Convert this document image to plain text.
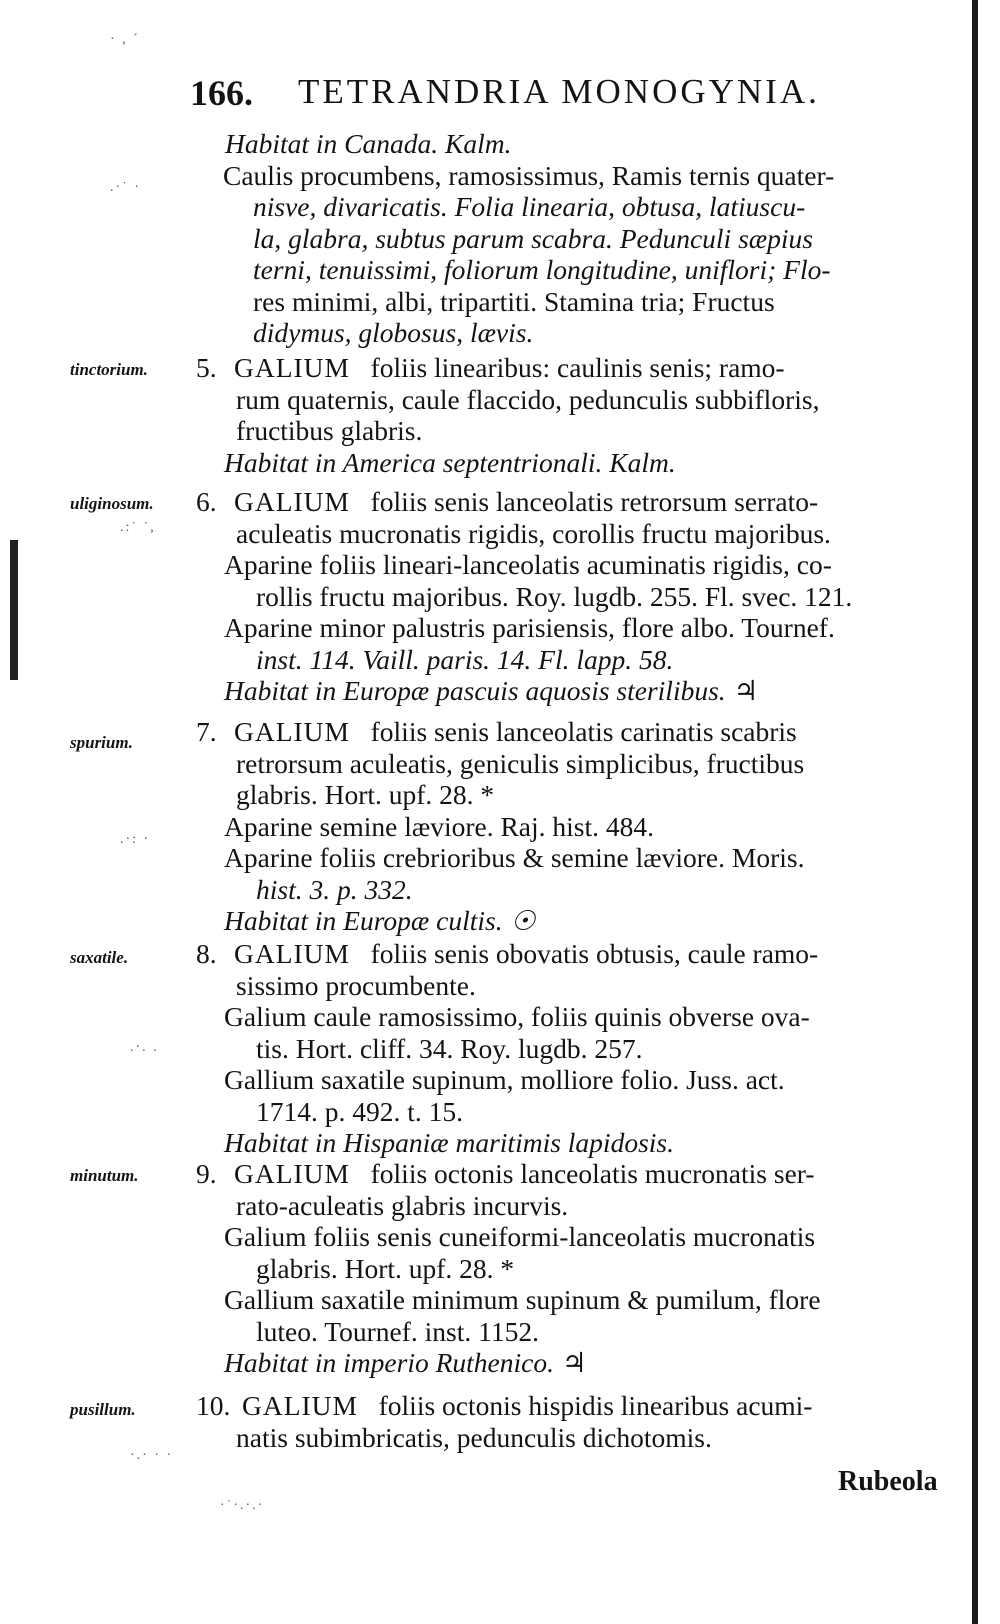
· , ´
.·˙ ·
.:˙ ˙,
.·: ·
.·. .
·.· · ·
·˙·.·.·
166. TETRANDRIA MONOGYNIA.
Habitat in Canada. Kalm.
Caulis procumbens, ramosissimus, Ramis ternis quater-
nisve, divaricatis. Folia linearia, obtusa, latiuscu-
la, glabra, subtus parum scabra. Pedunculi sæpius
terni, tenuissimi, foliorum longitudine, uniflori; Flo-
res minimi, albi, tripartiti. Stamina tria; Fructus
didymus, globosus, lævis.
tinctorium. 5. GALIUM foliis linearibus: caulinis senis; ramo-
rum quaternis, caule flaccido, pedunculis subbifloris,
fructibus glabris.
Habitat in America septentrionali. Kalm.
uliginosum. 6. GALIUM foliis senis lanceolatis retrorsum serrato-
aculeatis mucronatis rigidis, corollis fructu majoribus.
Aparine foliis lineari-lanceolatis acuminatis rigidis, co-
rollis fructu majoribus. Roy. lugdb. 255. Fl. svec. 121.
Aparine minor palustris parisiensis, flore albo. Tournef.
inst. 114. Vaill. paris. 14. Fl. lapp. 58.
Habitat in Europæ pascuis aquosis sterilibus. ♃
spurium. 7. GALIUM foliis senis lanceolatis carinatis scabris
retrorsum aculeatis, geniculis simplicibus, fructibus
glabris. Hort. upf. 28. *
Aparine semine læviore. Raj. hist. 484.
Aparine foliis crebrioribus & semine læviore. Moris.
hist. 3. p. 332.
Habitat in Europæ cultis. ☉
saxatile. 8. GALIUM foliis senis obovatis obtusis, caule ramo-
sissimo procumbente.
Galium caule ramosissimo, foliis quinis obverse ova-
tis. Hort. cliff. 34. Roy. lugdb. 257.
Gallium saxatile supinum, molliore folio. Juss. act.
1714. p. 492. t. 15.
Habitat in Hispaniæ maritimis lapidosis.
minutum. 9. GALIUM foliis octonis lanceolatis mucronatis ser-
rato-aculeatis glabris incurvis.
Galium foliis senis cuneiformi-lanceolatis mucronatis
glabris. Hort. upf. 28. *
Gallium saxatile minimum supinum & pumilum, flore
luteo. Tournef. inst. 1152.
Habitat in imperio Ruthenico. ♃
pusillum. 10. GALIUM foliis octonis hispidis linearibus acumi-
natis subimbricatis, pedunculis dichotomis.
Rubeola
